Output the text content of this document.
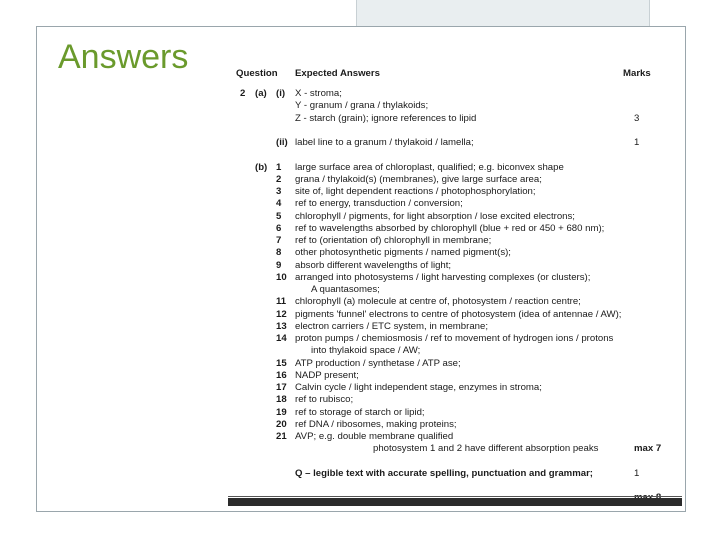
Answers	Question Expected Answers	Marks
2 (a) (i) X - stroma;
Y - granum / grana / thylakoids;
Z - starch (grain); ignore references to lipid	3
(ii) label line to a granum / thylakoid / lamella;	1
(b) 1 large surface area of chloroplast, qualified; e.g. biconvex shape
2 grana / thylakoid(s) (membranes), give large surface area;
3 site of, light dependent reactions / photophosphorylation;
4 ref to energy, transduction / conversion;
5 chlorophyll / pigments, for light absorption / lose excited electrons;
6 ref to wavelengths absorbed by chlorophyll (blue + red or 450 + 680 nm);
7 ref to (orientation of) chlorophyll in membrane;
8 other photosynthetic pigments / named pigment(s);
9 absorb different wavelengths of light;
10 arranged into photosystems / light harvesting complexes (or clusters);
A quantasomes;
11 chlorophyll (a) molecule at centre of, photosystem / reaction centre;
12 pigments 'funnel' electrons to centre of photosystem (idea of antennae / AW);
13 electron carriers / ETC system, in membrane;
14 proton pumps / chemiosmosis / ref to movement of hydrogen ions / protons
into thylakoid space / AW;
15 ATP production / synthetase / ATP ase;
16 NADP present;
17 Calvin cycle / light independent stage, enzymes in stroma;
18 ref to rubisco;
19 ref to storage of starch or lipid;
20 ref DNA / ribosomes, making proteins;
21 AVP; e.g. double membrane qualified
photosystem 1 and 2 have different absorption peaks	max 7
Q – legible text with accurate spelling, punctuation and grammar;	1
